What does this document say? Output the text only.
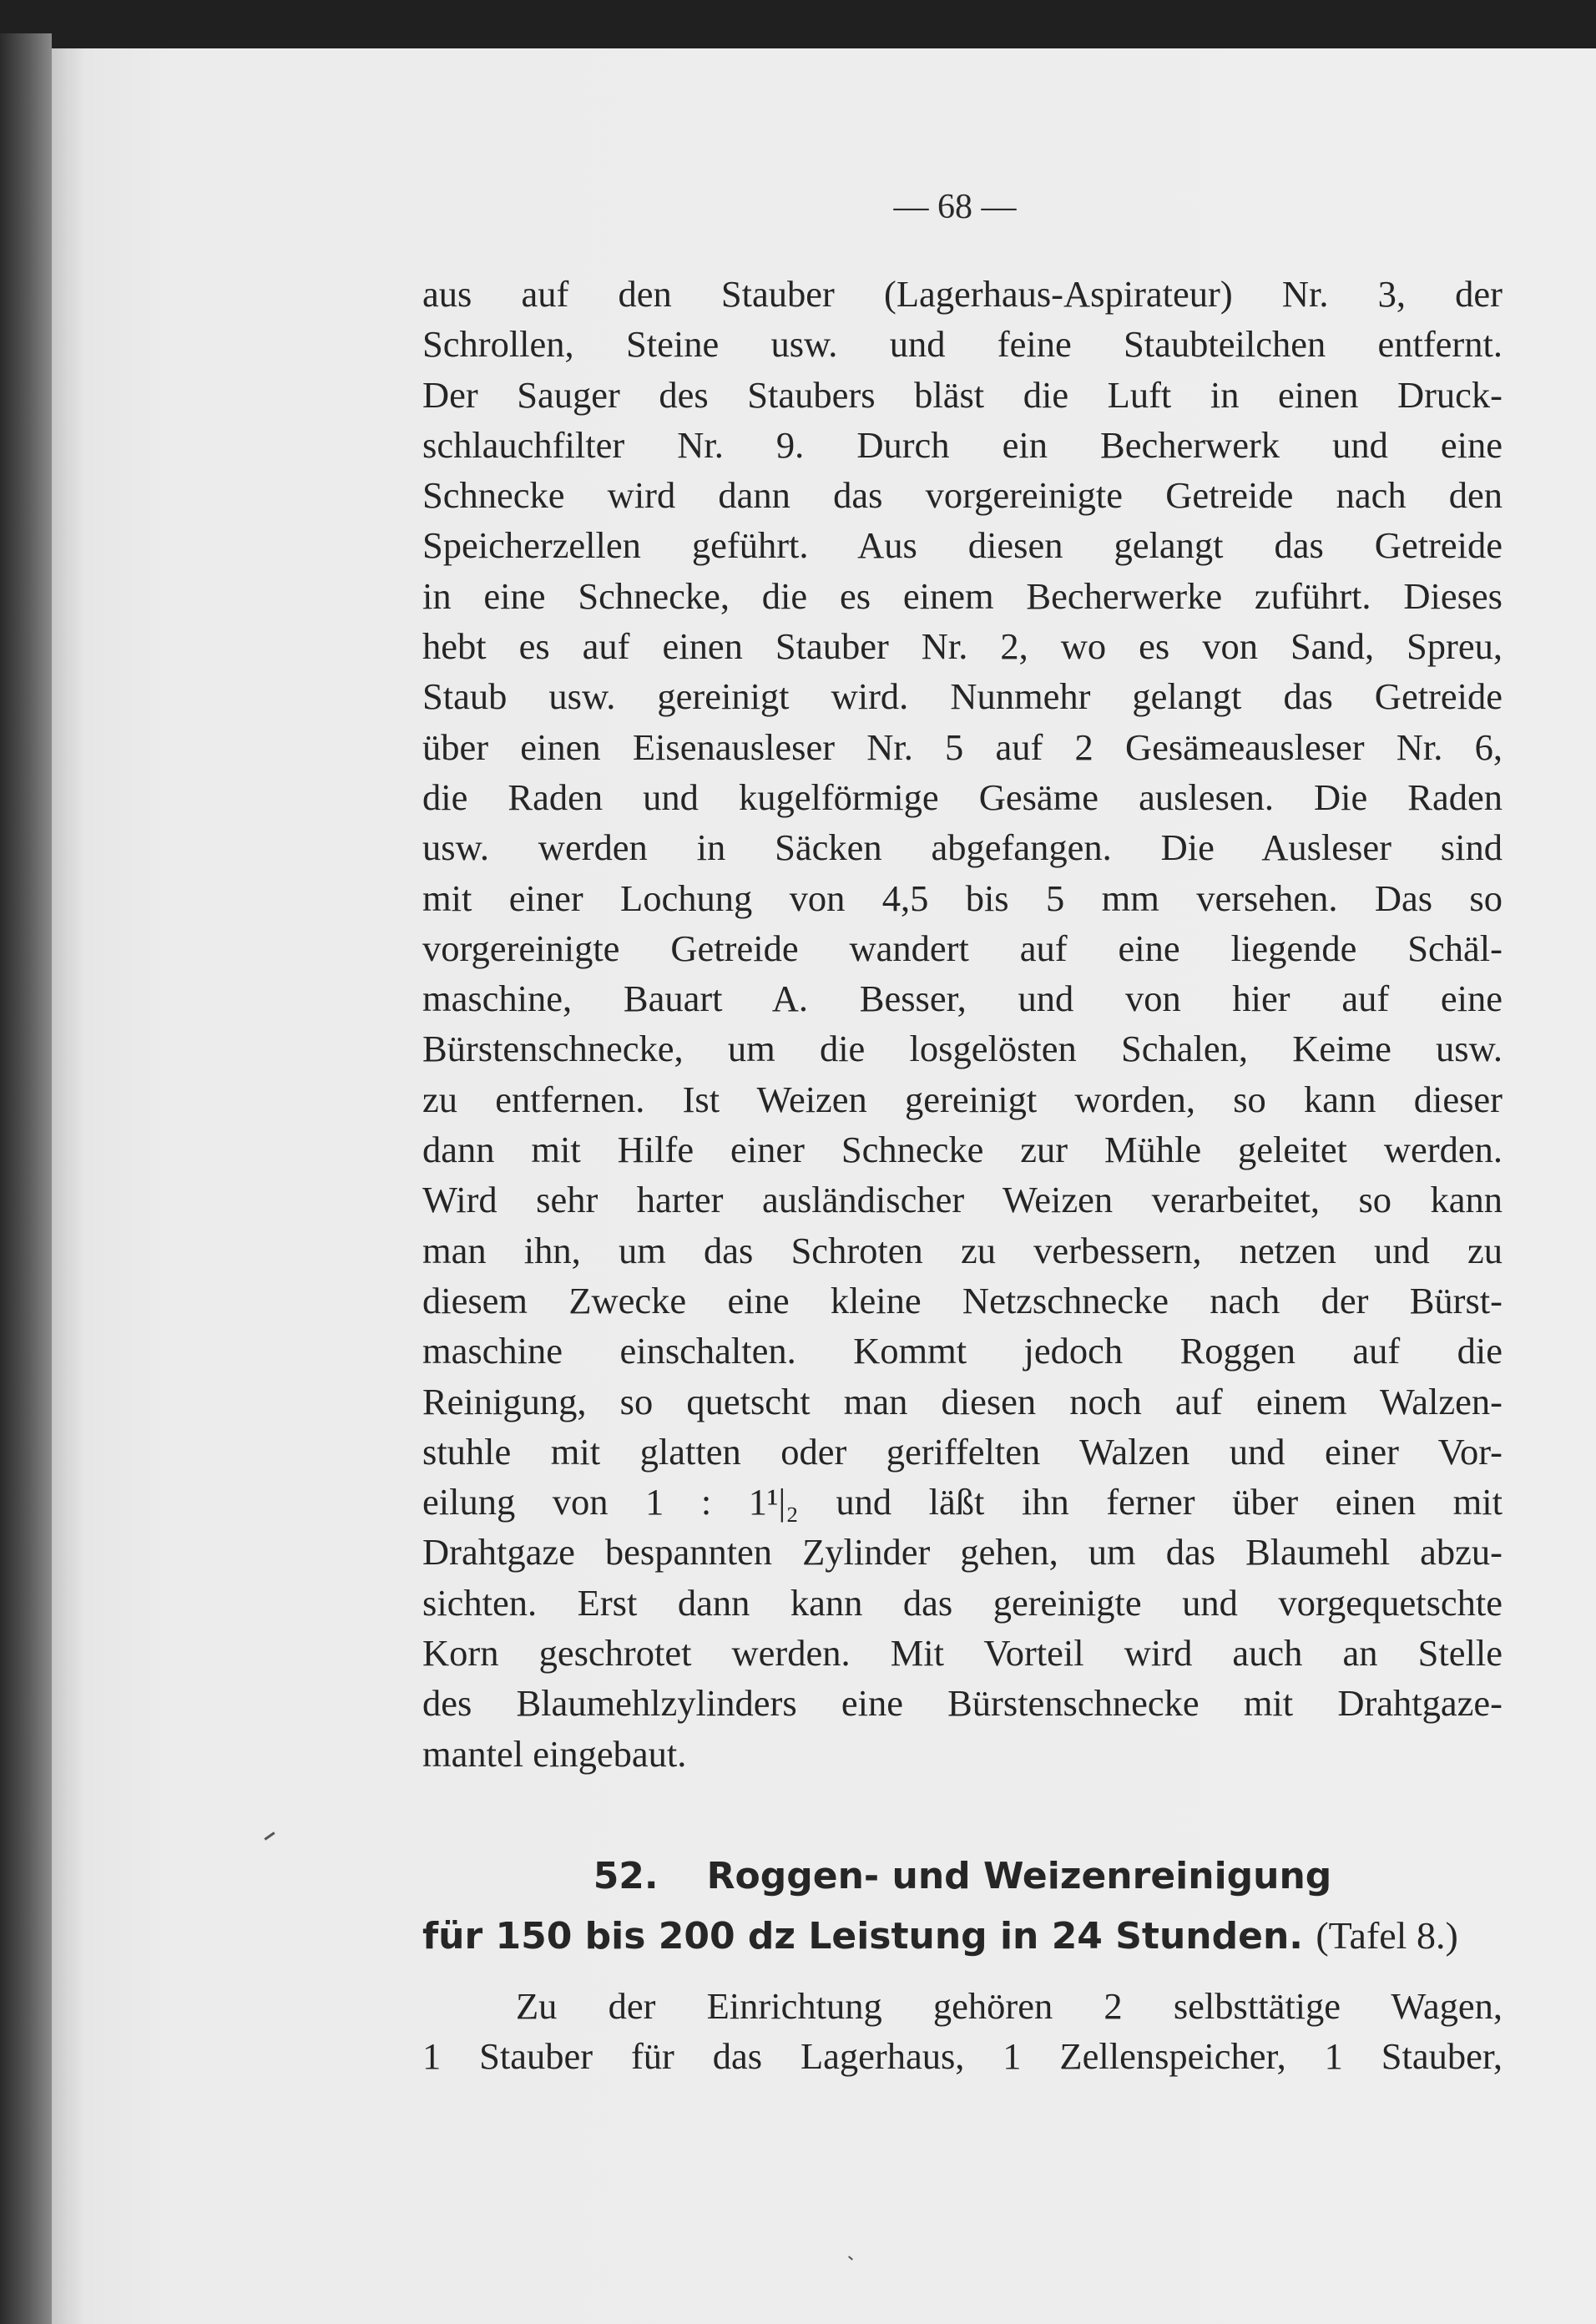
— 68 —
aus auf den Stauber (Lagerhaus-Aspirateur) Nr. 3, der
Schrollen, Steine usw. und feine Staubteilchen entfernt.
Der Sauger des Staubers bläst die Luft in einen Druck-
schlauchfilter Nr. 9. Durch ein Becherwerk und eine
Schnecke wird dann das vorgereinigte Getreide nach den
Speicherzellen geführt. Aus diesen gelangt das Getreide
in eine Schnecke, die es einem Becherwerke zuführt. Dieses
hebt es auf einen Stauber Nr. 2, wo es von Sand, Spreu,
Staub usw. gereinigt wird. Nunmehr gelangt das Getreide
über einen Eisenausleser Nr. 5 auf 2 Gesämeausleser Nr. 6,
die Raden und kugelförmige Gesäme auslesen. Die Raden
usw. werden in Säcken abgefangen. Die Ausleser sind
mit einer Lochung von 4,5 bis 5 mm versehen. Das so
vorgereinigte Getreide wandert auf eine liegende Schäl-
maschine, Bauart A. Besser, und von hier auf eine
Bürstenschnecke, um die losgelösten Schalen, Keime usw.
zu entfernen. Ist Weizen gereinigt worden, so kann dieser
dann mit Hilfe einer Schnecke zur Mühle geleitet werden.
Wird sehr harter ausländischer Weizen verarbeitet, so kann
man ihn, um das Schroten zu verbessern, netzen und zu
diesem Zwecke eine kleine Netzschnecke nach der Bürst-
maschine einschalten. Kommt jedoch Roggen auf die
Reinigung, so quetscht man diesen noch auf einem Walzen-
stuhle mit glatten oder geriffelten Walzen und einer Vor-
eilung von 1 : 1¹|₂ und läßt ihn ferner über einen mit
Drahtgaze bespannten Zylinder gehen, um das Blaumehl abzu-
sichten. Erst dann kann das gereinigte und vorgequetschte
Korn geschrotet werden. Mit Vorteil wird auch an Stelle
des Blaumehlzylinders eine Bürstenschnecke mit Drahtgaze-
mantel eingebaut.
52. Roggen- und Weizenreinigung
für 150 bis 200 dz Leistung in 24 Stunden. (Tafel 8.)
Zu der Einrichtung gehören 2 selbsttätige Wagen,
1 Stauber für das Lagerhaus, 1 Zellenspeicher, 1 Stauber,
